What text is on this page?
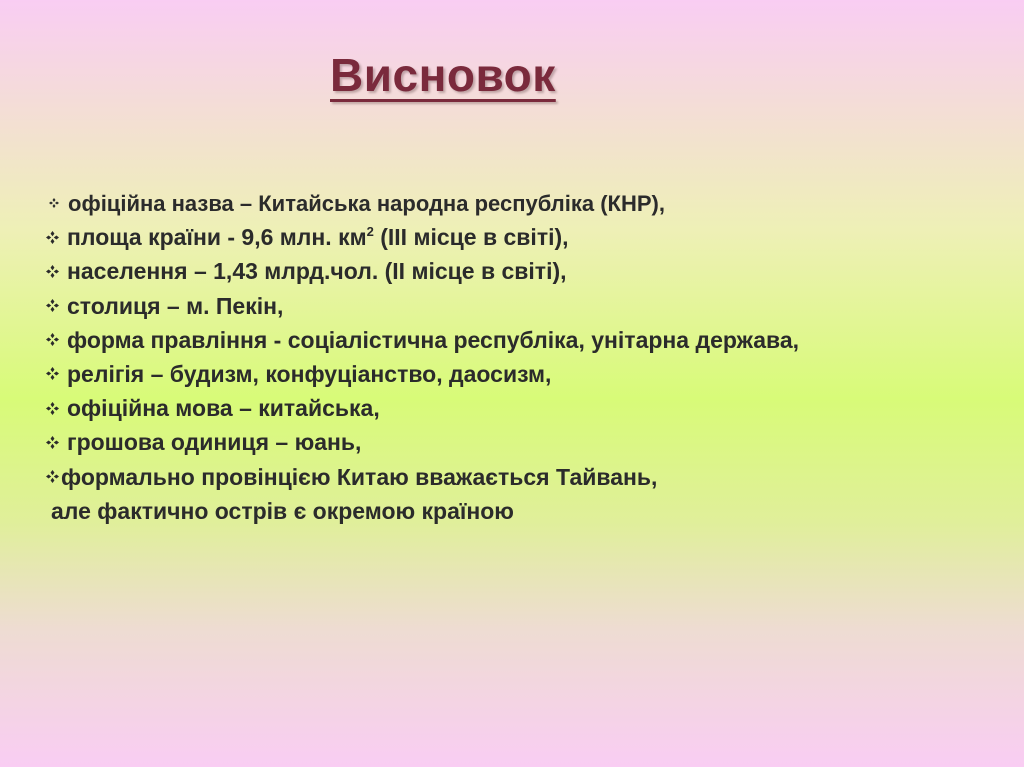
Висновок
офіційна назва – Китайська народна республіка (КНР),
площа країни - 9,6 млн. $км^2$ (ІІІ місце в світі),
населення – 1,43 млрд.чол. (ІІ місце в світі),
столиця – м. Пекін,
форма правління - соціалістична республіка, унітарна держава,
релігія – будизм, конфуціанство, даосизм,
офіційна мова – китайська,
грошова одиниця – юань,
формально провінцією Китаю вважається Тайвань,
але фактично острів є окремою країною
